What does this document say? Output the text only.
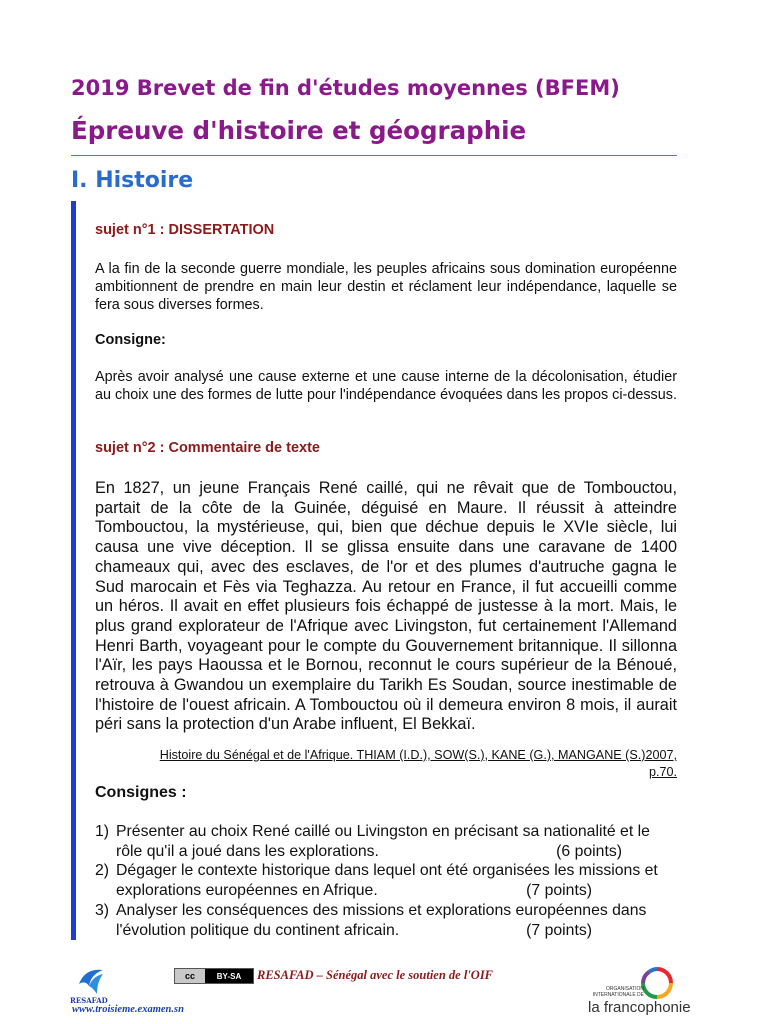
2019 Brevet de fin d'études moyennes (BFEM)
Épreuve d'histoire et géographie
I. Histoire
sujet n°1 : DISSERTATION
A la fin de la seconde guerre mondiale, les peuples africains sous domination européenne ambitionnent de prendre en main leur destin et réclament leur indépendance, laquelle se fera sous diverses formes.
Consigne:
Après avoir analysé une cause externe et une cause interne de la décolonisation, étudier au choix une des formes de lutte pour l'indépendance évoquées dans les propos ci-dessus.
sujet n°2 : Commentaire de texte
En 1827, un jeune Français René caillé, qui ne rêvait que de Tombouctou, partait de la côte de la Guinée, déguisé en Maure. Il réussit à atteindre Tombouctou, la mystérieuse, qui, bien que déchue depuis le XVIe siècle, lui causa une vive déception. Il se glissa ensuite dans une caravane de 1400 chameaux qui, avec des esclaves, de l'or et des plumes d'autruche gagna le Sud marocain et Fès via Teghazza. Au retour en France, il fut accueilli comme un héros. Il avait en effet plusieurs fois échappé de justesse à la mort. Mais, le plus grand explorateur de l'Afrique avec Livingston, fut certainement l'Allemand Henri Barth, voyageant pour le compte du Gouvernement britannique. Il sillonna l'Aïr, les pays Haoussa et le Bornou, reconnut le cours supérieur de la Bénoué, retrouva à Gwandou un exemplaire du Tarikh Es Soudan, source inestimable de l'histoire de l'ouest africain. A Tombouctou où il demeura environ 8 mois, il aurait péri sans la protection d'un Arabe influent, El Bekkaï.
Histoire du Sénégal et de l'Afrique. THIAM (I.D.), SOW(S.), KANE (G.), MANGANE (S.)2007,
p.70.
Consignes :
1) Présenter au choix René caillé ou Livingston en précisant sa nationalité et le rôle qu'il a joué dans les explorations.	(6 points)
2) Dégager le contexte historique dans lequel ont été organisées les missions et explorations européennes en Afrique.	(7 points)
3) Analyser les conséquences des missions et explorations européennes dans l'évolution politique du continent africain.	(7 points)
RESAFAD
www.troisieme.examen.sn
cc	BY-SA	RESAFAD – Sénégal avec le soutien de l'OIF
ORGANISATION
INTERNATIONALE DE
la francophonie
